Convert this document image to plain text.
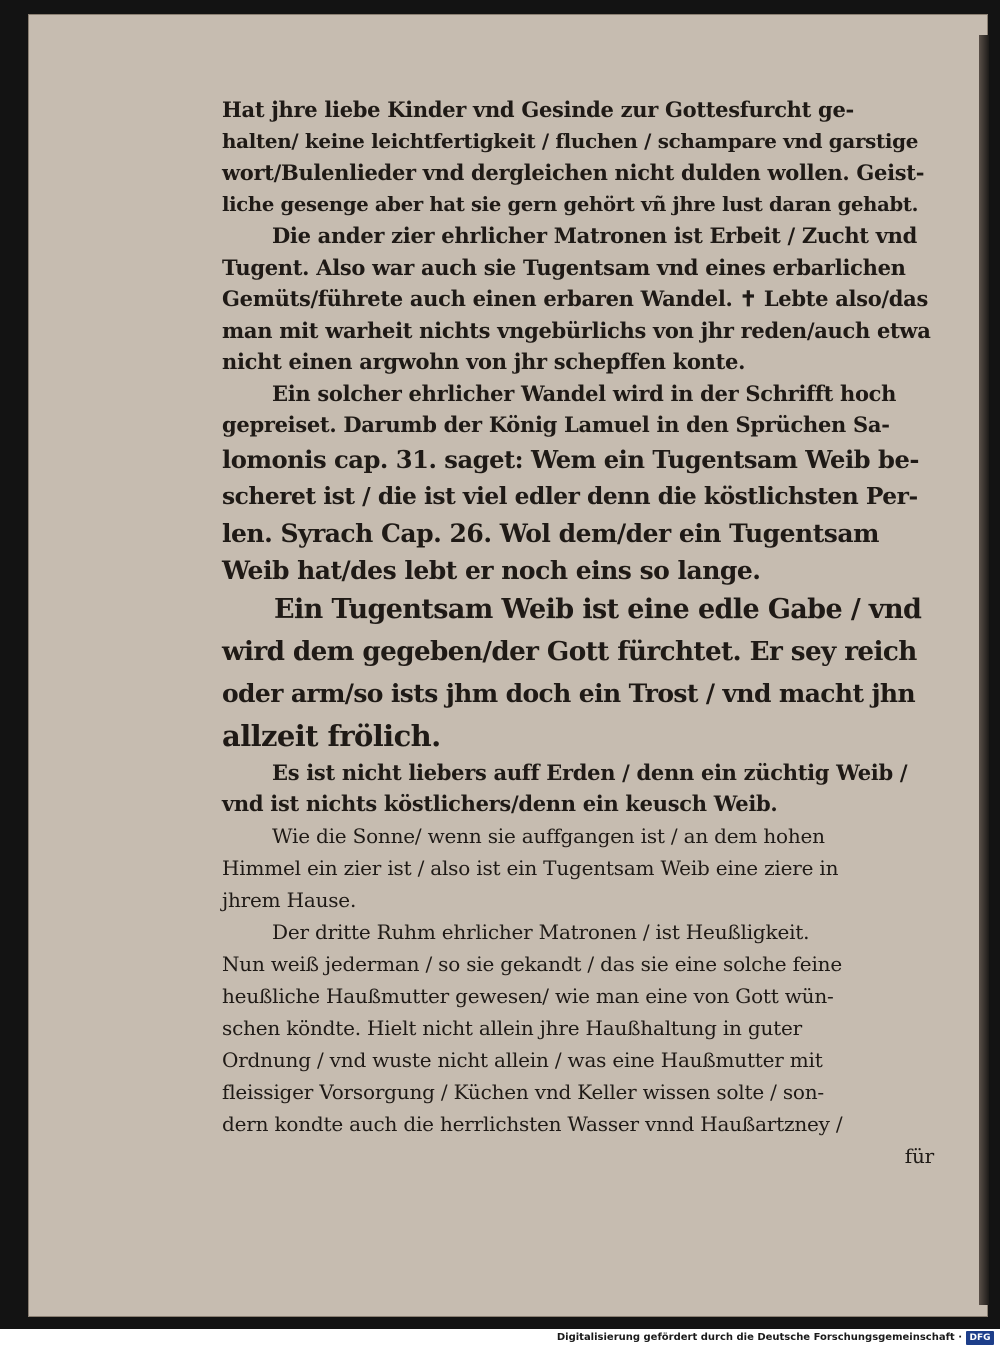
Hat jhre liebe Kinder vnd Gesinde zur Gottesfurcht ge-
halten/ keine leichtfertigkeit / fluchen / schampare vnd garstige
wort/Bulenlieder vnd dergleichen nicht dulden wollen. Geist-
liche gesenge aber hat sie gern gehört vñ jhre lust daran gehabt.
Die ander zier ehrlicher Matronen ist Erbeit / Zucht vnd
Tugent. Also war auch sie Tugentsam vnd eines erbarlichen
Gemüts/führete auch einen erbaren Wandel. ✝ Lebte also/das
man mit warheit nichts vngebürlichs von jhr reden/auch etwa
nicht einen argwohn von jhr schepffen konte.
Ein solcher ehrlicher Wandel wird in der Schrifft hoch
gepreiset. Darumb der König Lamuel in den Sprüchen Sa-
lomonis cap. 31. saget: Wem ein Tugentsam Weib be-
scheret ist / die ist viel edler denn die köstlichsten Per-
len. Syrach Cap. 26. Wol dem/der ein Tugentsam
Weib hat/des lebt er noch eins so lange.
Ein Tugentsam Weib ist eine edle Gabe / vnd
wird dem gegeben/der Gott fürchtet. Er sey reich
oder arm/so ists jhm doch ein Trost / vnd macht jhn
allzeit frölich.
Es ist nicht liebers auff Erden / denn ein züchtig Weib /
vnd ist nichts köstlichers/denn ein keusch Weib.
Wie die Sonne/ wenn sie auffgangen ist / an dem hohen
Himmel ein zier ist / also ist ein Tugentsam Weib eine ziere in
jhrem Hause.
Der dritte Ruhm ehrlicher Matronen / ist Heußligkeit.
Nun weiß jederman / so sie gekandt / das sie eine solche feine
heußliche Haußmutter gewesen/ wie man eine von Gott wün-
schen köndte. Hielt nicht allein jhre Haußhaltung in guter
Ordnung / vnd wuste nicht allein / was eine Haußmutter mit
fleissiger Vorsorgung / Küchen vnd Keller wissen solte / son-
dern kondte auch die herrlichsten Wasser vnnd Haußartzney /
für
Digitalisierung gefördert durch die Deutsche Forschungsgemeinschaft · DFG
